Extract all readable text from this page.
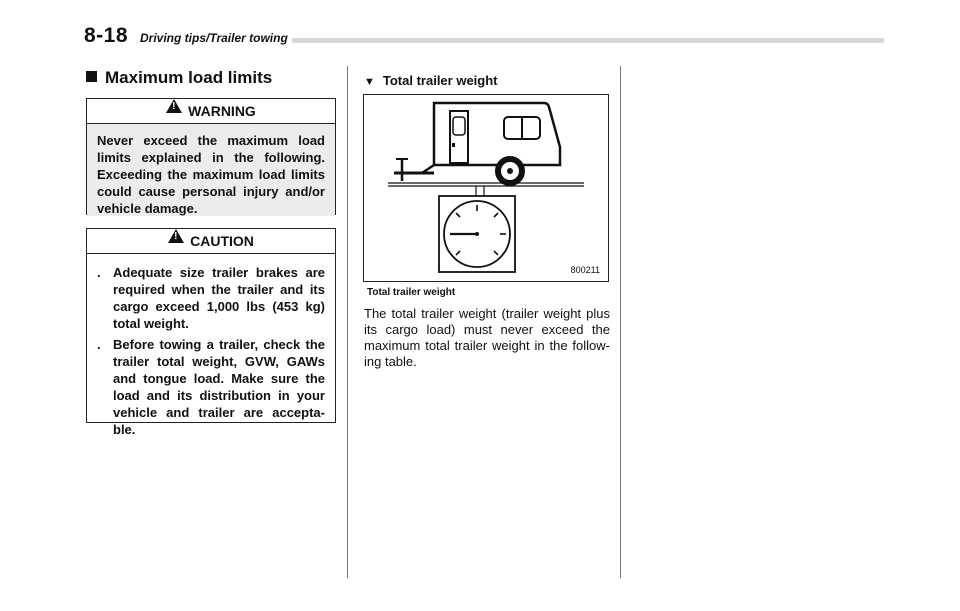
8-18 Driving tips/Trailer towing
Maximum load limits
!
WARNING
Never exceed the maximum load limits explained in the following. Exceeding the maximum load limits could cause personal injury and/or vehicle damage.
!
CAUTION
. Adequate size trailer brakes are required when the trailer and its cargo exceed 1,000 lbs (453 kg) total weight.
. Before towing a trailer, check the trailer total weight, GVW, GAWs and tongue load. Make sure the load and its distribution in your vehicle and trailer are accepta-ble.
▼ Total trailer weight
800211
Total trailer weight
The total trailer weight (trailer weight plus its cargo load) must never exceed the maximum total trailer weight in the follow-ing table.
